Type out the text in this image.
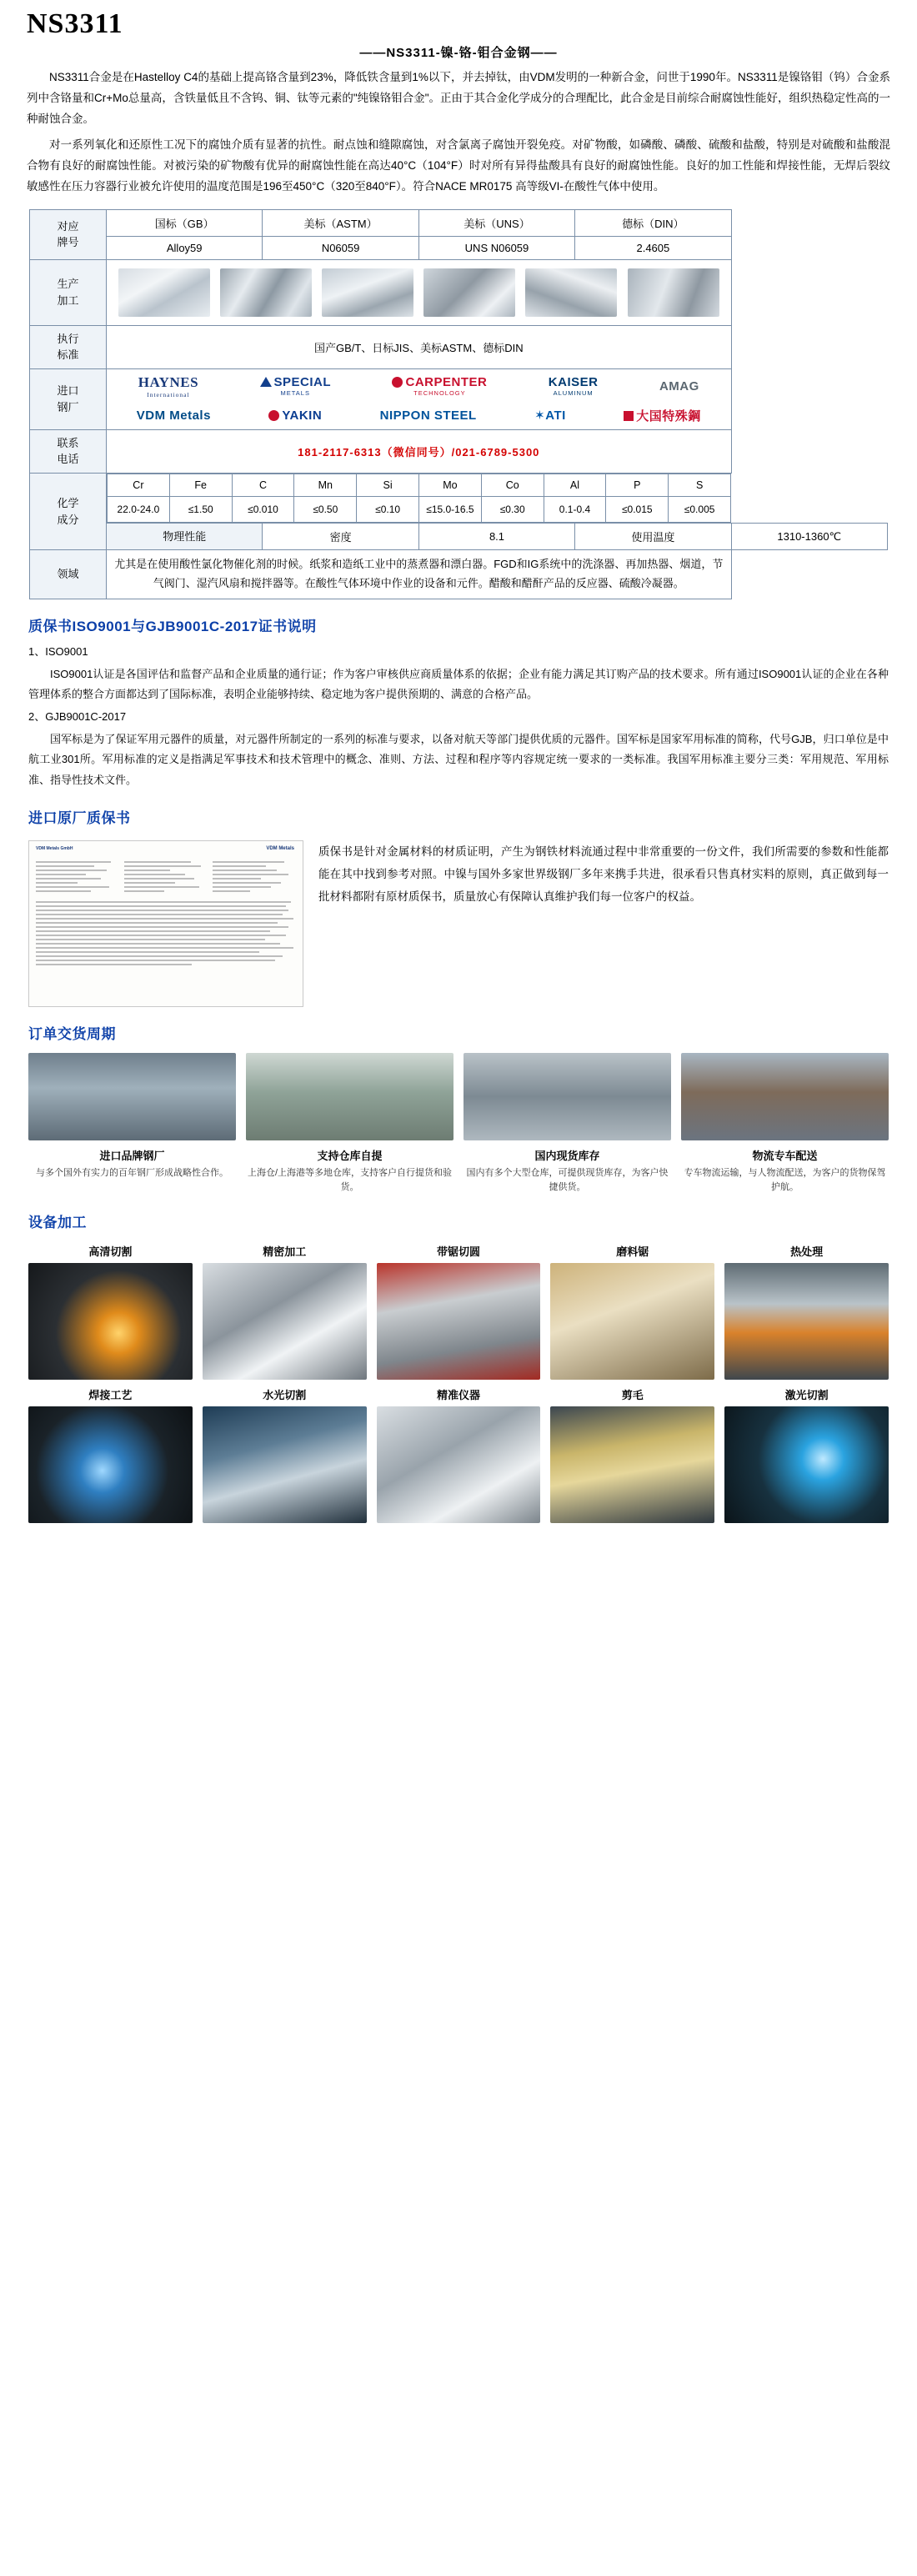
NS3311
——NS3311-镍-铬-钼合金钢——

NS3311合金是在Hastelloy C4的基础上提高铬含量到23%，降低铁含量到1%以下，并去掉钛，由VDM发明的一种新合金，问世于1990年。NS3311是镍铬钼（钨）合金系列中含铬量和Cr+Mo总量高，含铁量低且不含钨、铜、钛等元素的"纯镍铬钼合金"。正由于其合金化学成分的合理配比，此合金是目前综合耐腐蚀性能好，组织热稳定性高的一种耐蚀合金。

对一系列氧化和还原性工况下的腐蚀介质有显著的抗性。耐点蚀和缝隙腐蚀，对含氯离子腐蚀开裂免疫。对矿物酸，如磷酸、磷酸、硫酸和盐酸，特别是对硫酸和盐酸混合物有良好的耐腐蚀性能。对被污染的矿物酸有优异的耐腐蚀性能在高达40°C（104°F）时对所有异得盐酸具有良好的耐腐蚀性能。良好的加工性能和焊接性能，无焊后裂纹敏感性在压力容器行业被允许使用的温度范围是196至450°C（320至840°F）。符合NACE MR0175 高等级VI-在酸性气体中使用。

对应
牌号
	国标（GB）	美标（ASTM）	美标（UNS）	德标（DIN）
Alloy59	N06059	UNS N06059	2.4605

生产
加工

执行
标准
	国产GB/T、日标JIS、美标ASTM、德标DIN

进口
钢厂

HAYNES
International
SPECIAL
METALS
CARPENTER
TECHNOLOGY
KAISER
ALUMINUM	AMAG
VDM Metals	YAKIN	NIPPON STEEL	✶ATI	大国特殊鋼

联系
电话
	181-2117-6313（微信同号）/021-6789-5300

化学
成分

Cr	Fe	C	Mn	Si	Mo	Co	Al	P	S
22.0-24.0	≤1.50	≤0.010	≤0.50	≤0.10	≤15.0-16.5	≤0.30	0.1-0.4	≤0.015	≤0.005

物理性能	密度	8.1	使用温度	1310-1360℃
领域	尤其是在使用酸性氯化物催化剂的时候。纸浆和造纸工业中的蒸煮器和漂白器。FGD和IG系统中的洗涤器、再加热器、烟道，节气阀门、湿汽风扇和搅拌器等。在酸性气体环境中作业的设备和元件。醋酸和醋酐产品的反应器、硫酸冷凝器。
质保书ISO9001与GJB9001C-2017证书说明

1、ISO9001

ISO9001认证是各国评估和监督产品和企业质量的通行证；作为客户审核供应商质量体系的依据；企业有能力满足其订购产品的技术要求。所有通过ISO9001认证的企业在各种管理体系的整合方面都达到了国际标准，表明企业能够持续、稳定地为客户提供预期的、满意的合格产品。

2、GJB9001C-2017

国军标是为了保证军用元器件的质量，对元器件所制定的一系列的标准与要求，以备对航天等部门提供优质的元器件。国军标是国家军用标准的简称，代号GJB，归口单位是中航工业301所。军用标准的定义是指满足军事技术和技术管理中的概念、准则、方法、过程和程序等内容规定统一要求的一类标准。我国军用标准主要分三类：军用规范、军用标准、指导性技术文件。

进口原厂质保书
VDM Metals GmbH	VDM Metals 质保书是针对金属材料的材质证明，产生为钢铁材料流通过程中非常重要的一份文件，我们所需要的参数和性能都能在其中找到参考对照。中镍与国外多家世界级钢厂多年来携手共进，很承看只售真材实料的原则，真正做到每一批材料都附有原材质保书，质量放心有保障认真维护我们每一位客户的权益。
订单交货周期
进口品牌钢厂
与多个国外有实力的百年钢厂形成战略性合作。
支持仓库自提
上海仓/上海港等多地仓库，支持客户自行提货和验货。
国内现货库存
国内有多个大型仓库，可提供现货库存，为客户快捷供货。
物流专车配送
专车物流运输，与人物流配送，为客户的货物保驾护航。
设备加工
高清切割	精密加工	带锯切圆	磨料锯	热处理
焊接工艺	水光切割	精准仪器	剪毛	激光切割
